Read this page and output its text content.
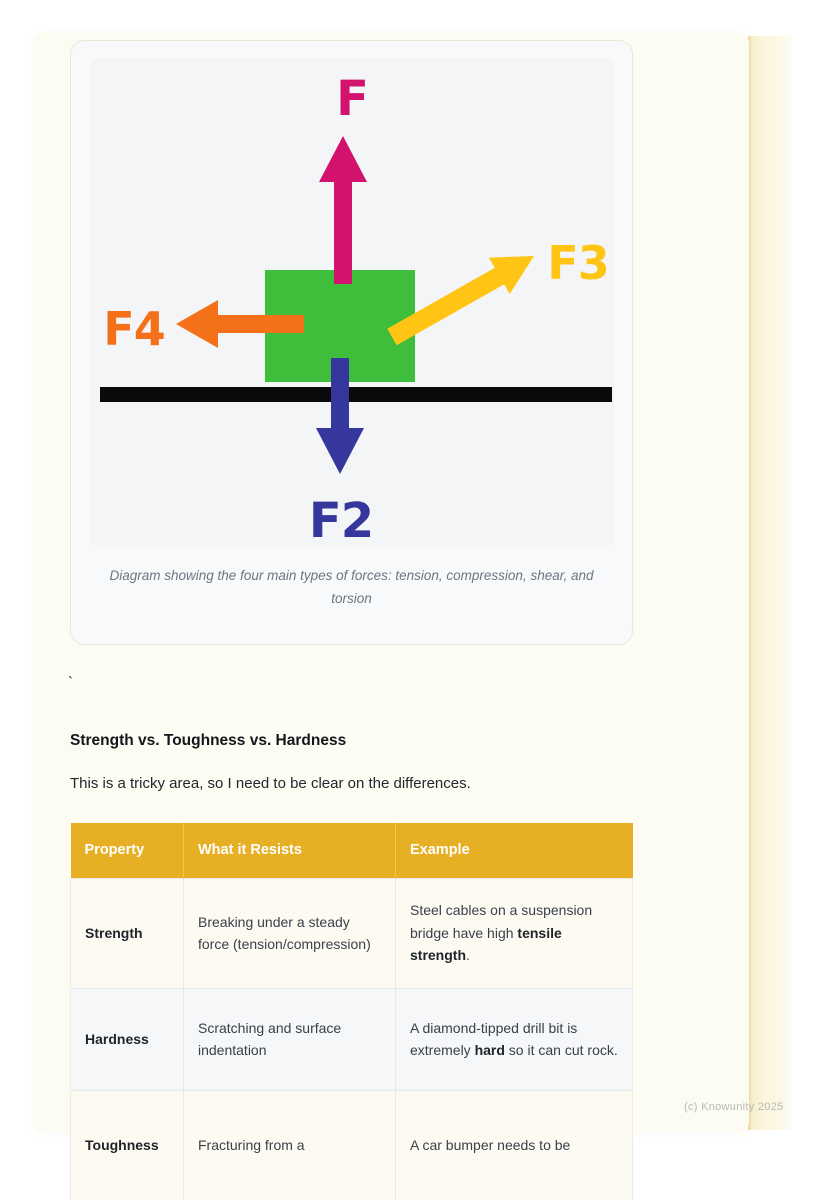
F
F3
F4
F2
Diagram showing the four main types of forces: tension, compression, shear, and torsion
`
Strength vs. Toughness vs. Hardness
This is a tricky area, so I need to be clear on the differences.
Property	What it Resists	Example
Strength	Breaking under a steady force (tension/compression)	Steel cables on a suspension bridge have high tensile strength.
Hardness	Scratching and surface indentation	A diamond-tipped drill bit is extremely hard so it can cut rock.
Toughness	Fracturing from a	A car bumper needs to be
(c) Knowunity 2025
